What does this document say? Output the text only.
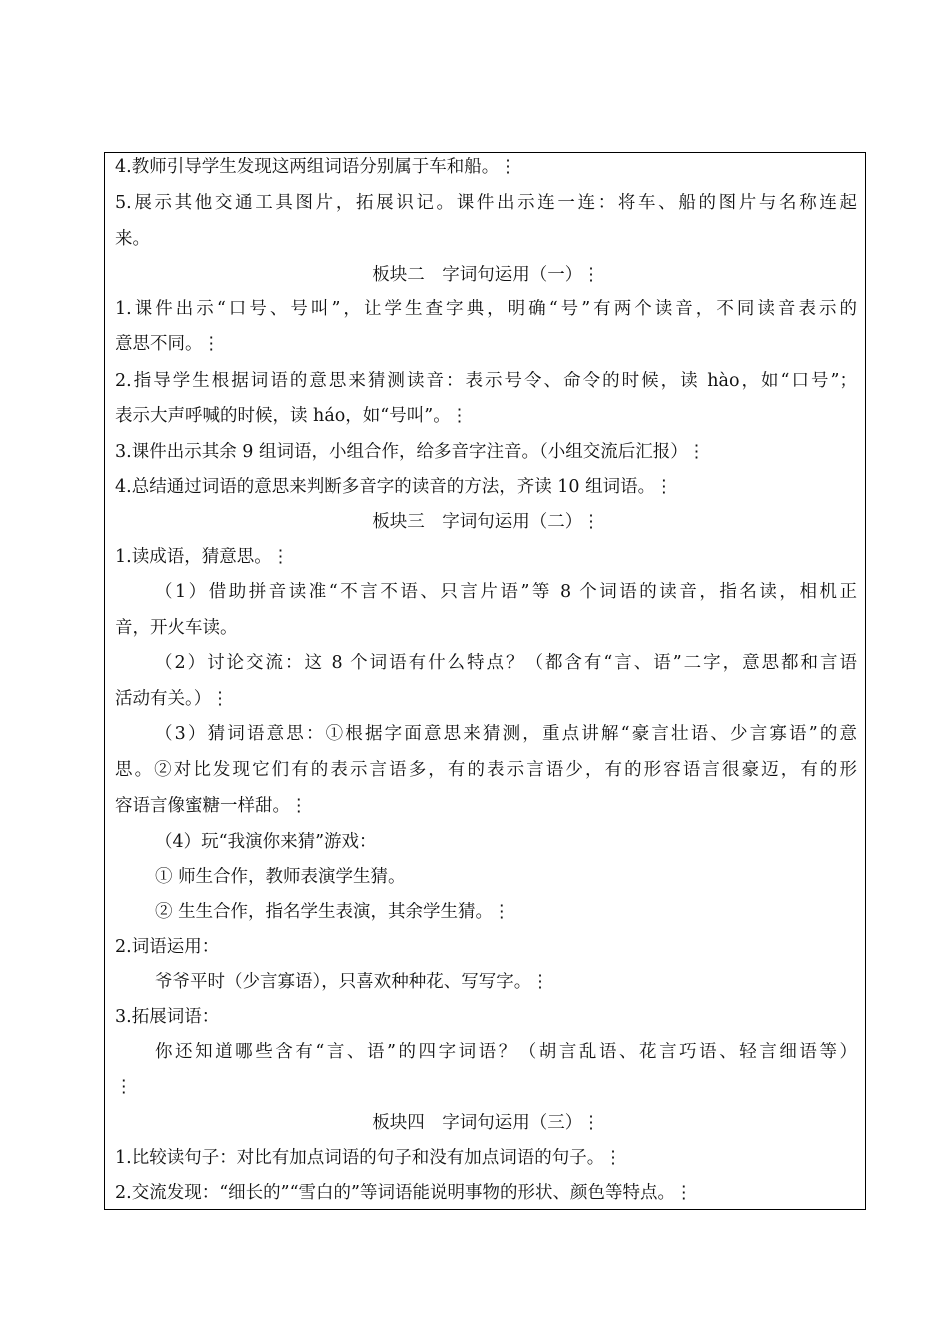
4.教师引导学生发现这两组词语分别属于车和船。⋮

5.展示其他交通工具图片，拓展识记。课件出示连一连：将车、船的图片与名称连起

来。

板块二　字词句运用（一）⋮

1.课件出示“口号、号叫”，让学生查字典，明确“号”有两个读音，不同读音表示的

意思不同。⋮

2.指导学生根据词语的意思来猜测读音：表示号令、命令的时候，读 hào，如“口号”；

表示大声呼喊的时候，读 háo，如“号叫”。⋮

3.课件出示其余 9 组词语，小组合作，给多音字注音。（小组交流后汇报）⋮

4.总结通过词语的意思来判断多音字的读音的方法，齐读 10 组词语。⋮

板块三　字词句运用（二）⋮

1.读成语，猜意思。⋮

（1）借助拼音读准“不言不语、只言片语”等 8 个词语的读音，指名读，相机正

音，开火车读。

（2）讨论交流：这 8 个词语有什么特点？（都含有“言、语”二字，意思都和言语

活动有关。）⋮

（3）猜词语意思：①根据字面意思来猜测，重点讲解“豪言壮语、少言寡语”的意

思。②对比发现它们有的表示言语多，有的表示言语少，有的形容语言很豪迈，有的形

容语言像蜜糖一样甜。⋮

（4）玩“我演你来猜”游戏：

① 师生合作，教师表演学生猜。

② 生生合作，指名学生表演，其余学生猜。⋮

2.词语运用：

爷爷平时（少言寡语），只喜欢种种花、写写字。⋮

3.拓展词语：

你还知道哪些含有“言、语”的四字词语？（胡言乱语、花言巧语、轻言细语等）

⋮

板块四　字词句运用（三）⋮

1.比较读句子：对比有加点词语的句子和没有加点词语的句子。⋮

2.交流发现：“细长的”“雪白的”等词语能说明事物的形状、颜色等特点。⋮
